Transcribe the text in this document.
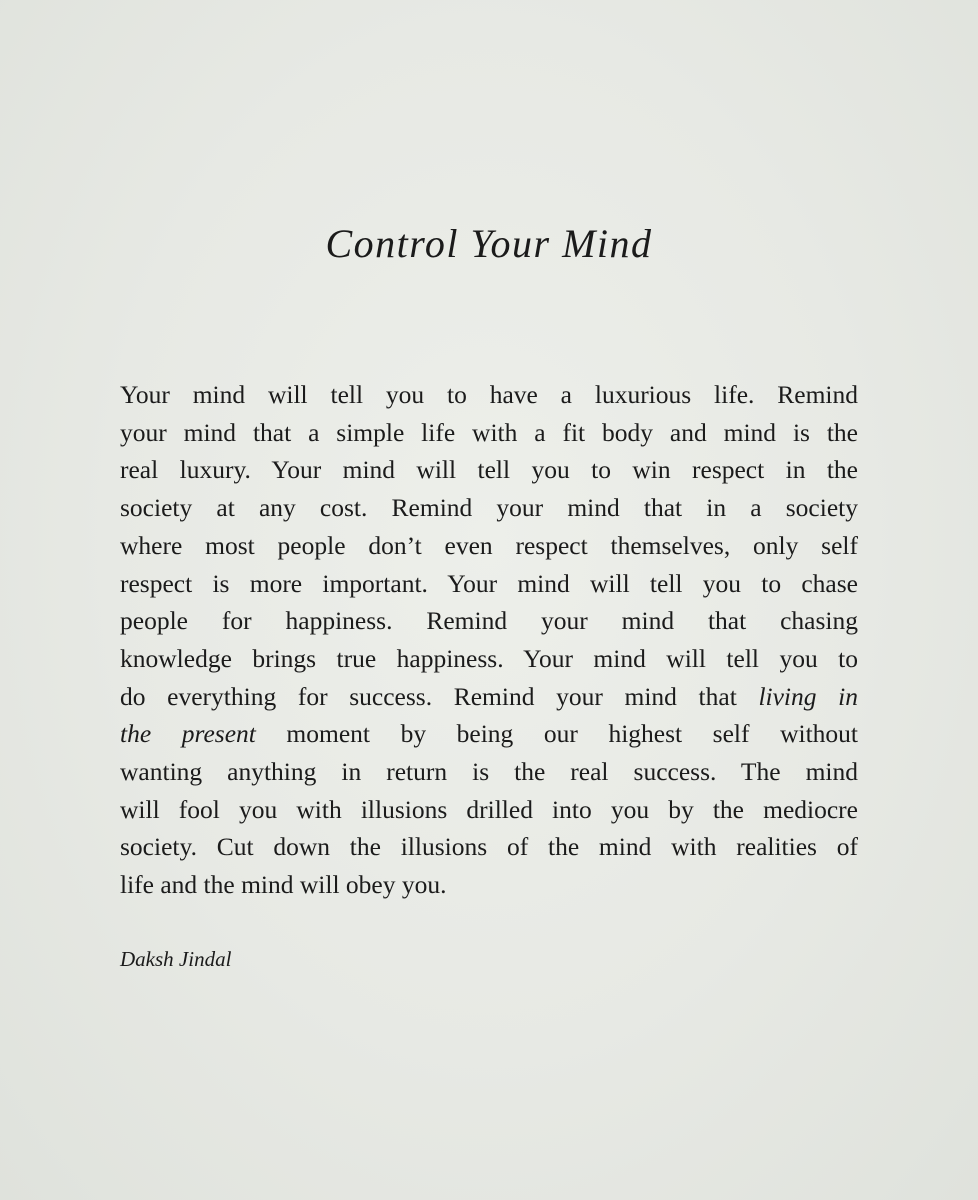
Control Your Mind

Your mind will tell you to have a luxurious life. Remind
your mind that a simple life with a fit body and mind is the
real luxury. Your mind will tell you to win respect in the
society at any cost. Remind your mind that in a society
where most people don’t even respect themselves, only self
respect is more important. Your mind will tell you to chase
people for happiness. Remind your mind that chasing
knowledge brings true happiness. Your mind will tell you to
do everything for success. Remind your mind that living in
the present moment by being our highest self without
wanting anything in return is the real success. The mind
will fool you with illusions drilled into you by the mediocre
society. Cut down the illusions of the mind with realities of
life and the mind will obey you.

Daksh Jindal
